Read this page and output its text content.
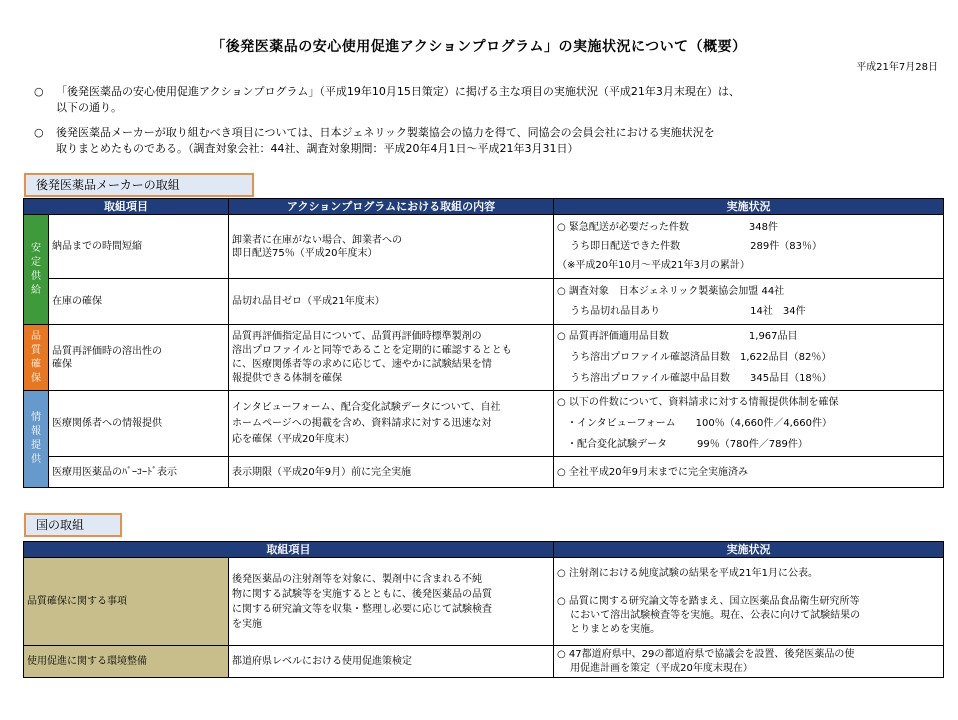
「後発医薬品の安心使用促進アクションプログラム」の実施状況について（概要）
平成21年7月28日
○ 「後発医薬品の安心使用促進アクションプログラム」（平成19年10月15日策定）に掲げる主な項目の実施状況（平成21年3月末現在）は、
以下の通り。
○ 後発医薬品メーカーが取り組むべき項目については、日本ジェネリック製薬協会の協力を得て、同協会の会員会社における実施状況を
取りまとめたものである。（調査対象会社：44社、調査対象期間：平成20年4月1日～平成21年3月31日）
後発医薬品メーカーの取組
取組項目		アクションプログラムにおける取組の内容	実施状況

安
定
供
給	納品までの時間短縮	卸業者に在庫がない場合、卸業者への
即日配送75％（平成20年度末）	○ 緊急配送が必要だった件数　　　　　　348件
　 うち即日配送できた件数　　　　　　　289件（83％）
（※平成20年10月～平成21年3月の累計）

	在庫の確保	品切れ品目ゼロ（平成21年度末）	○ 調査対象　日本ジェネリック製薬協会加盟 44社
　 うち品切れ品目あり　　　　　　　　　14社　34件

品
質
確
保	品質再評価時の溶出性の
確保	品質再評価指定品目について、品質再評価時標準製剤の
溶出プロファイルと同等であることを定期的に確認するととも
に、医療関係者等の求めに応じて、速やかに試験結果を情
報提供できる体制を確保	○ 品質再評価適用品目数　　　　　　　　1,967品目
　 うち溶出プロファイル確認済品目数　1,622品目（82％）
　 うち溶出プロファイル確認中品目数　　345品目（18％）

情
報
提
供	医療関係者への情報提供	インタビューフォーム、配合変化試験データについて、自社
ホームページへの掲載を含め、資料請求に対する迅速な対
応を確保（平成20年度末）	○ 以下の件数について、資料請求に対する情報提供体制を確保
　・インタビューフォーム　　100％（4,660件／4,660件）
　・配合変化試験データ　　　99％（780件／789件）

	医療用医薬品のﾊﾞｰｺｰﾄﾞ表示	表示期限（平成20年9月）前に完全実施	○ 全社平成20年9月末までに完全実施済み
国の取組
取組項目		実施状況
品質確保に関する事項	後発医薬品の注射剤等を対象に、製剤中に含まれる不純
物に関する試験等を実施するとともに、後発医薬品の品質
に関する研究論文等を収集・整理し必要に応じて試験検査
を実施	○ 注射剤における純度試験の結果を平成21年1月に公表。
○ 品質に関する研究論文等を踏まえ、国立医薬品食品衛生研究所等
　 において溶出試験検査等を実施。現在、公表に向けて試験結果の
　 とりまとめを実施。

使用促進に関する環境整備	都道府県レベルにおける使用促進策検定	○ 47都道府県中、29の都道府県で協議会を設置、後発医薬品の使
　 用促進計画を策定（平成20年度末現在）
